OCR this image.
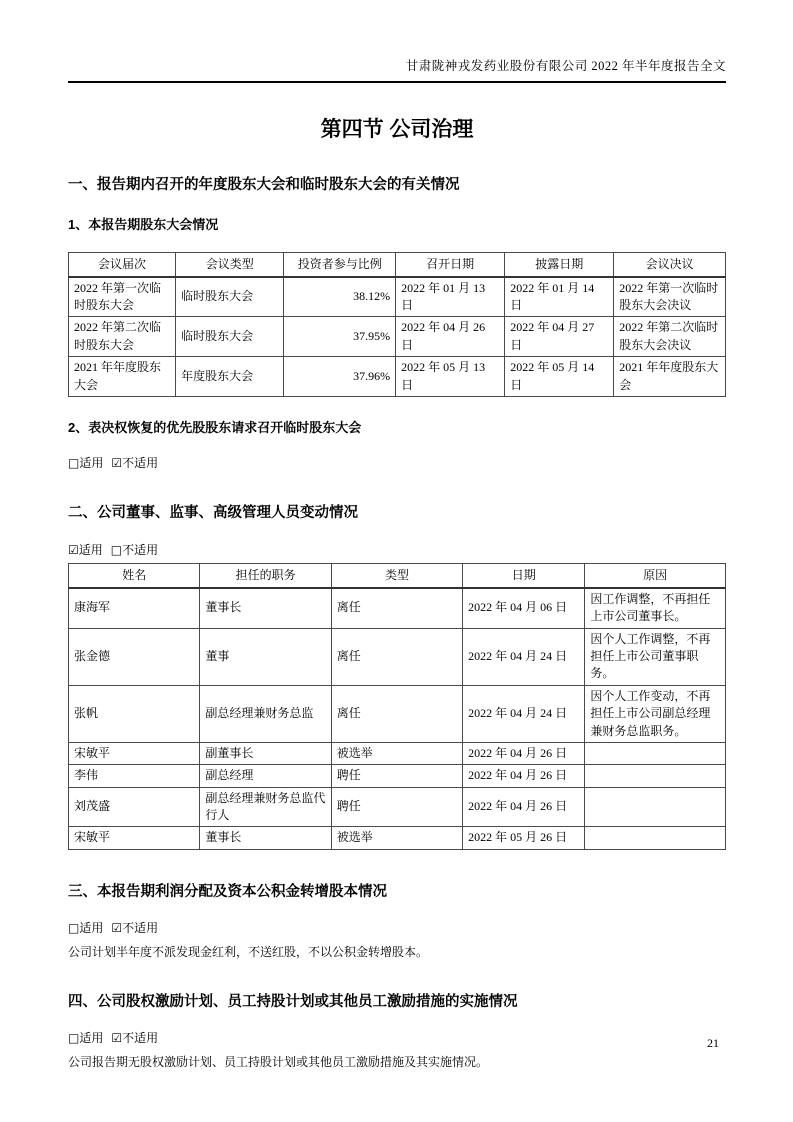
甘肃陇神戎发药业股份有限公司 2022 年半年度报告全文
第四节 公司治理
一、报告期内召开的年度股东大会和临时股东大会的有关情况
1、本报告期股东大会情况
会议届次	会议类型	投资者参与比例	召开日期	披露日期	会议决议
2022 年第一次临时股东大会	临时股东大会	38.12%	2022 年 01 月 13 日	2022 年 01 月 14 日	2022 年第一次临时股东大会决议
2022 年第二次临时股东大会	临时股东大会	37.95%	2022 年 04 月 26 日	2022 年 04 月 27 日	2022 年第二次临时股东大会决议
2021 年年度股东大会	年度股东大会	37.96%	2022 年 05 月 13 日	2022 年 05 月 14 日	2021 年年度股东大会
2、表决权恢复的优先股股东请求召开临时股东大会
□适用 ☑不适用
二、公司董事、监事、高级管理人员变动情况
☑适用 □不适用
姓名	担任的职务	类型	日期	原因
康海军	董事长	离任	2022 年 04 月 06 日	因工作调整，不再担任上市公司董事长。
张金德	董事	离任	2022 年 04 月 24 日	因个人工作调整，不再担任上市公司董事职务。
张帆	副总经理兼财务总监	离任	2022 年 04 月 24 日	因个人工作变动，不再担任上市公司副总经理兼财务总监职务。
宋敏平	副董事长	被选举	2022 年 04 月 26 日	
李伟	副总经理	聘任	2022 年 04 月 26 日	
刘茂盛	副总经理兼财务总监代行人	聘任	2022 年 04 月 26 日	
宋敏平	董事长	被选举	2022 年 05 月 26 日	
三、本报告期利润分配及资本公积金转增股本情况
□适用 ☑不适用
公司计划半年度不派发现金红利，不送红股，不以公积金转增股本。
四、公司股权激励计划、员工持股计划或其他员工激励措施的实施情况
□适用 ☑不适用
公司报告期无股权激励计划、员工持股计划或其他员工激励措施及其实施情况。
21
